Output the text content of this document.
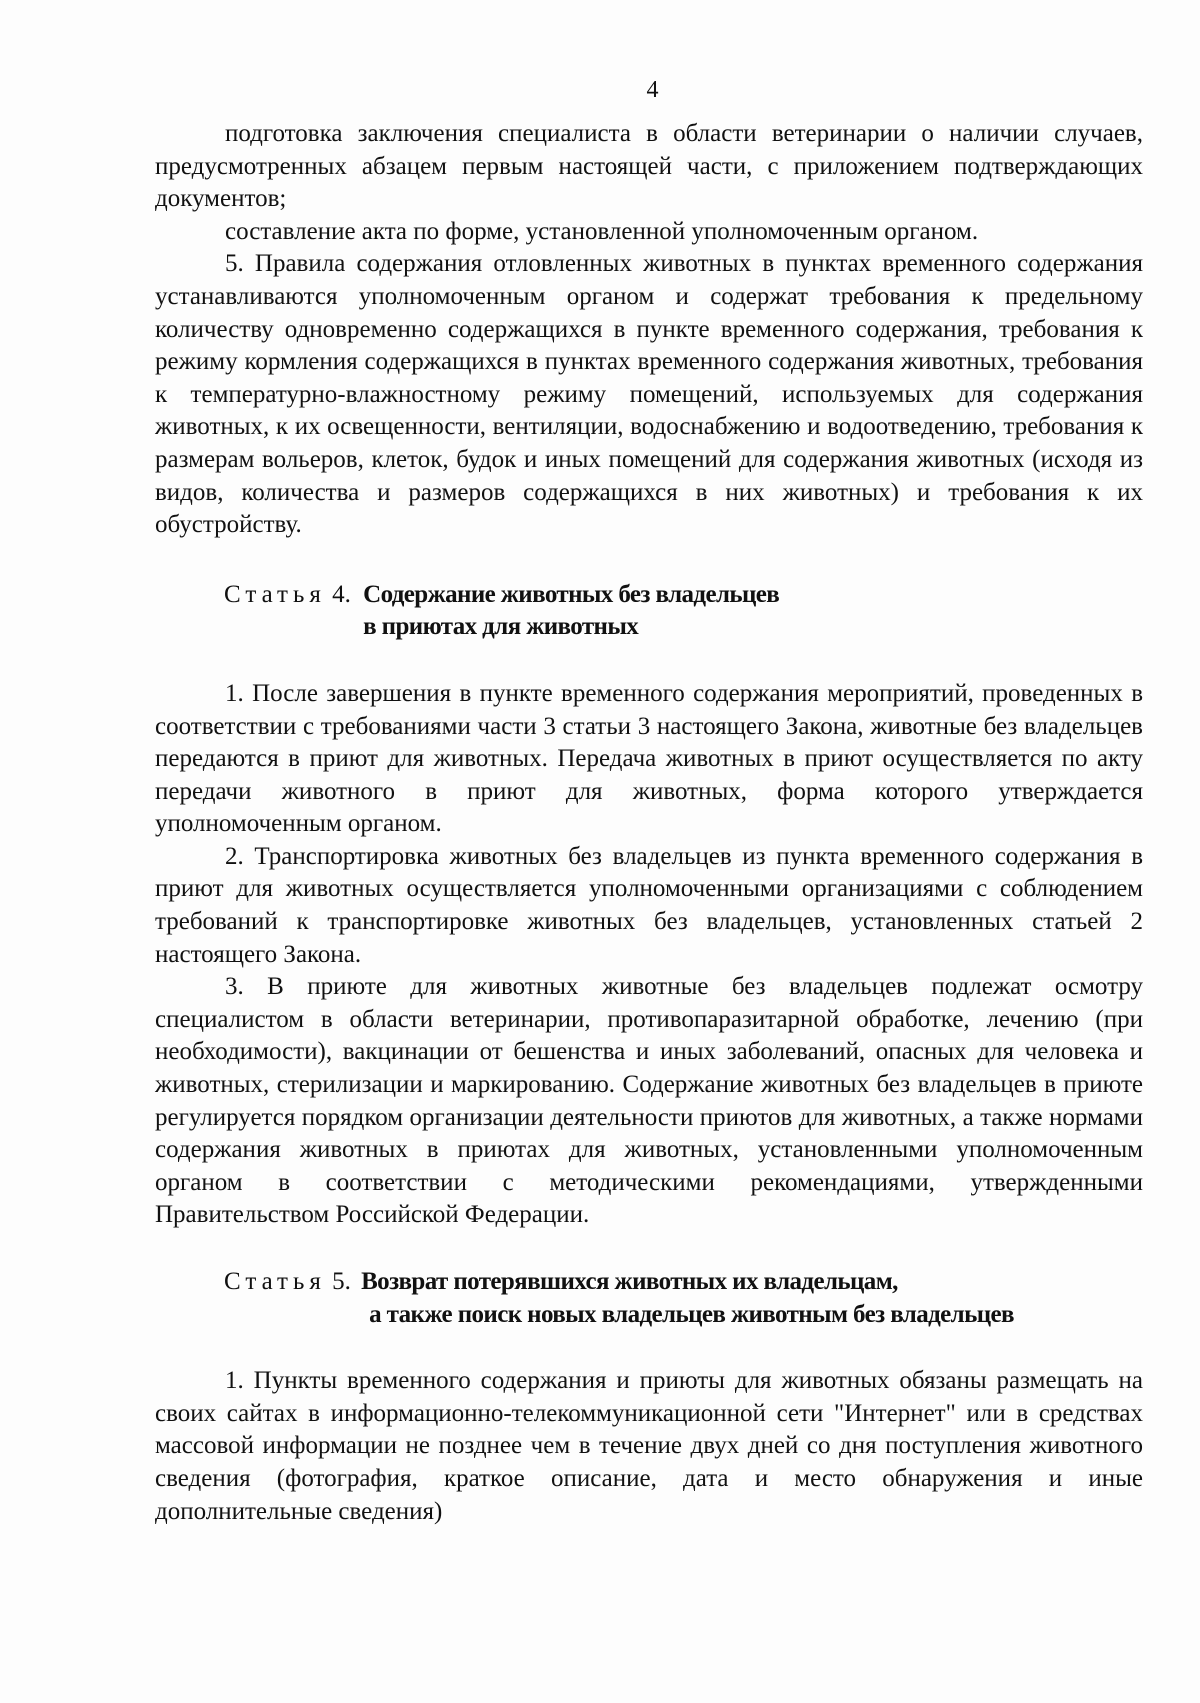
4

подготовка заключения специалиста в области ветеринарии о наличии случаев, предусмотренных абзацем первым настоящей части, с приложением подтверждающих документов;

составление акта по форме, установленной уполномоченным органом.

5. Правила содержания отловленных животных в пунктах временного содержания устанавливаются уполномоченным органом и содержат требования к предельному количеству одновременно содержащихся в пункте временного содержания, требования к режиму кормления содержащихся в пунктах временного содержания животных, требования к температурно-влажностному режиму помещений, используемых для содержания животных, к их освещенности, вентиляции, водоснабжению и водоотведению, требования к размерам вольеров, клеток, будок и иных помещений для содержания животных (исходя из видов, количества и размеров содержащихся в них животных) и требования к их обустройству.

Статья 4. Содержание животных без владельцев
в приютах для животных

1. После завершения в пункте временного содержания мероприятий, проведенных в соответствии с требованиями части 3 статьи 3 настоящего Закона, животные без владельцев передаются в приют для животных. Передача животных в приют осуществляется по акту передачи животного в приют для животных, форма которого утверждается уполномоченным органом.

2. Транспортировка животных без владельцев из пункта временного содержания в приют для животных осуществляется уполномоченными организациями с соблюдением требований к транспортировке животных без владельцев, установленных статьей 2 настоящего Закона.

3. В приюте для животных животные без владельцев подлежат осмотру специалистом в области ветеринарии, противопаразитарной обработке, лечению (при необходимости), вакцинации от бешенства и иных заболеваний, опасных для человека и животных, стерилизации и маркированию. Содержание животных без владельцев в приюте регулируется порядком организации деятельности приютов для животных, а также нормами содержания животных в приютах для животных, установленными уполномоченным органом в соответствии с методическими рекомендациями, утвержденными Правительством Российской Федерации.

Статья 5. Возврат потерявшихся животных их владельцам,
а также поиск новых владельцев животным без владельцев

1. Пункты временного содержания и приюты для животных обязаны размещать на своих сайтах в информационно-телекоммуникационной сети "Интернет" или в средствах массовой информации не позднее чем в течение двух дней со дня поступления животного сведения (фотография, краткое описание, дата и место обнаружения и иные дополнительные сведения)
